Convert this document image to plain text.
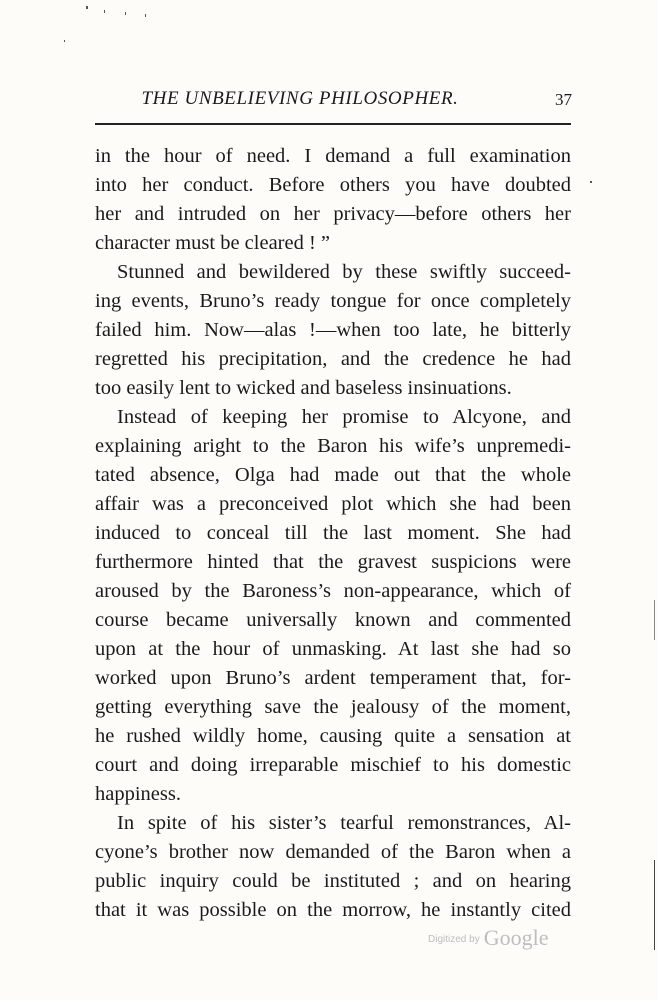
THE UNBELIEVING PHILOSOPHER.	37
in the hour of need. I demand a full examination
into her conduct. Before others you have doubted
her and intruded on her privacy—before others her
character must be cleared ! ”
Stunned and bewildered by these swiftly succeed-
ing events, Bruno’s ready tongue for once completely
failed him. Now—alas !—when too late, he bitterly
regretted his precipitation, and the credence he had
too easily lent to wicked and baseless insinuations.
Instead of keeping her promise to Alcyone, and
explaining aright to the Baron his wife’s unpremedi-
tated absence, Olga had made out that the whole
affair was a preconceived plot which she had been
induced to conceal till the last moment. She had
furthermore hinted that the gravest suspicions were
aroused by the Baroness’s non-appearance, which of
course became universally known and commented
upon at the hour of unmasking. At last she had so
worked upon Bruno’s ardent temperament that, for-
getting everything save the jealousy of the moment,
he rushed wildly home, causing quite a sensation at
court and doing irreparable mischief to his domestic
happiness.
In spite of his sister’s tearful remonstrances, Al-
cyone’s brother now demanded of the Baron when a
public inquiry could be instituted ; and on hearing
that it was possible on the morrow, he instantly cited
Digitized by Google
